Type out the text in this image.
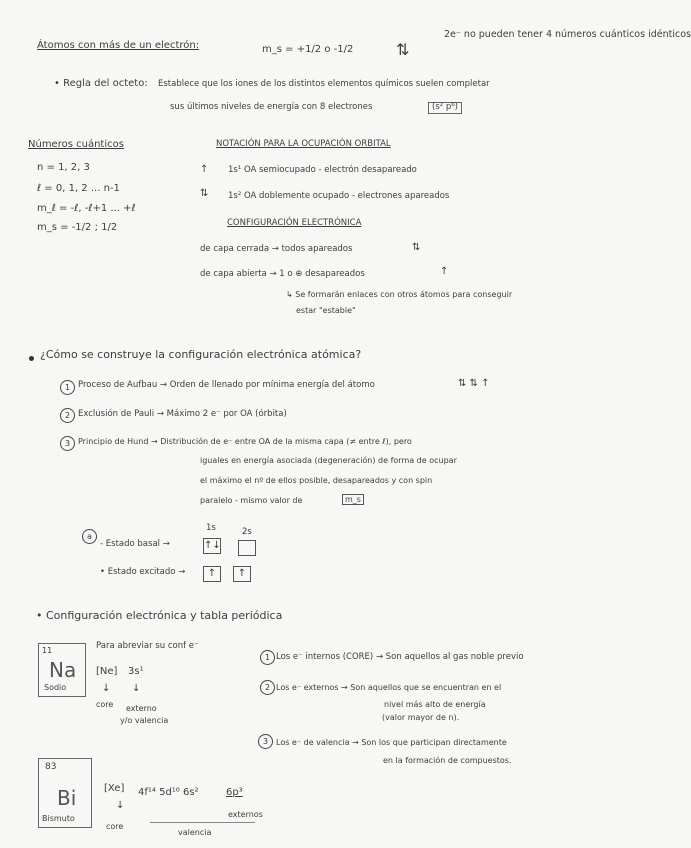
Átomos con más de un electrón:	m_s = +1/2 o -1/2	⇅
2e⁻ no pueden tener 4 números cuánticos idénticos
• Regla del octeto: Establece que los iones de los distintos elementos químicos suelen completar
sus últimos niveles de energía con 8 electrones	(s² p⁶)
Números cuánticos
n = 1, 2, 3
ℓ = 0, 1, 2 ... n-1
m_ℓ = -ℓ, -ℓ+1 ... +ℓ
m_s = -1/2 ; 1/2
NOTACIÓN PARA LA OCUPACIÓN ORBITAL
↑ 1s¹ OA semiocupado - electrón desapareado
⇅ 1s² OA doblemente ocupado - electrones apareados
CONFIGURACIÓN ELECTRÓNICA
de capa cerrada → todos apareados	⇅
de capa abierta → 1 o ⊕ desapareados	↑
↳ Se formarán enlaces con otros átomos para conseguir
estar "estable"
¿Cómo se construye la configuración electrónica atómica?
1 Proceso de Aufbau → Orden de llenado por mínima energía del átomo	⇅ ⇅ ↑
2 Exclusión de Pauli → Máximo 2 e⁻ por OA (órbita)
3 Principio de Hund → Distribución de e⁻ entre OA de la misma capa (≠ entre ℓ), pero
iguales en energía asociada (degeneración) de forma de ocupar
el máximo el nº de ellos posible, desapareados y con spin
paralelo - mismo valor de	m_s
a
1s	2s
- Estado basal →	↑↓
• Estado excitado →	↑	↑
• Configuración electrónica y tabla periódica
11
Na
Sodio
Para abreviar su conf e⁻
[Ne] 3s¹
↓ ↓
core externo
y/o valencia
1 Los e⁻ internos (CORE) → Son aquellos al gas noble previo
2 Los e⁻ externos → Son aquellos que se encuentran en el
nivel más alto de energía
(valor mayor de n).
3 Los e⁻ de valencia → Son los que participan directamente
en la formación de compuestos.
83
Bi
Bismuto
[Xe] 4f¹⁴ 5d¹⁰ 6s²	6p³
↓
externos
core
valencia
